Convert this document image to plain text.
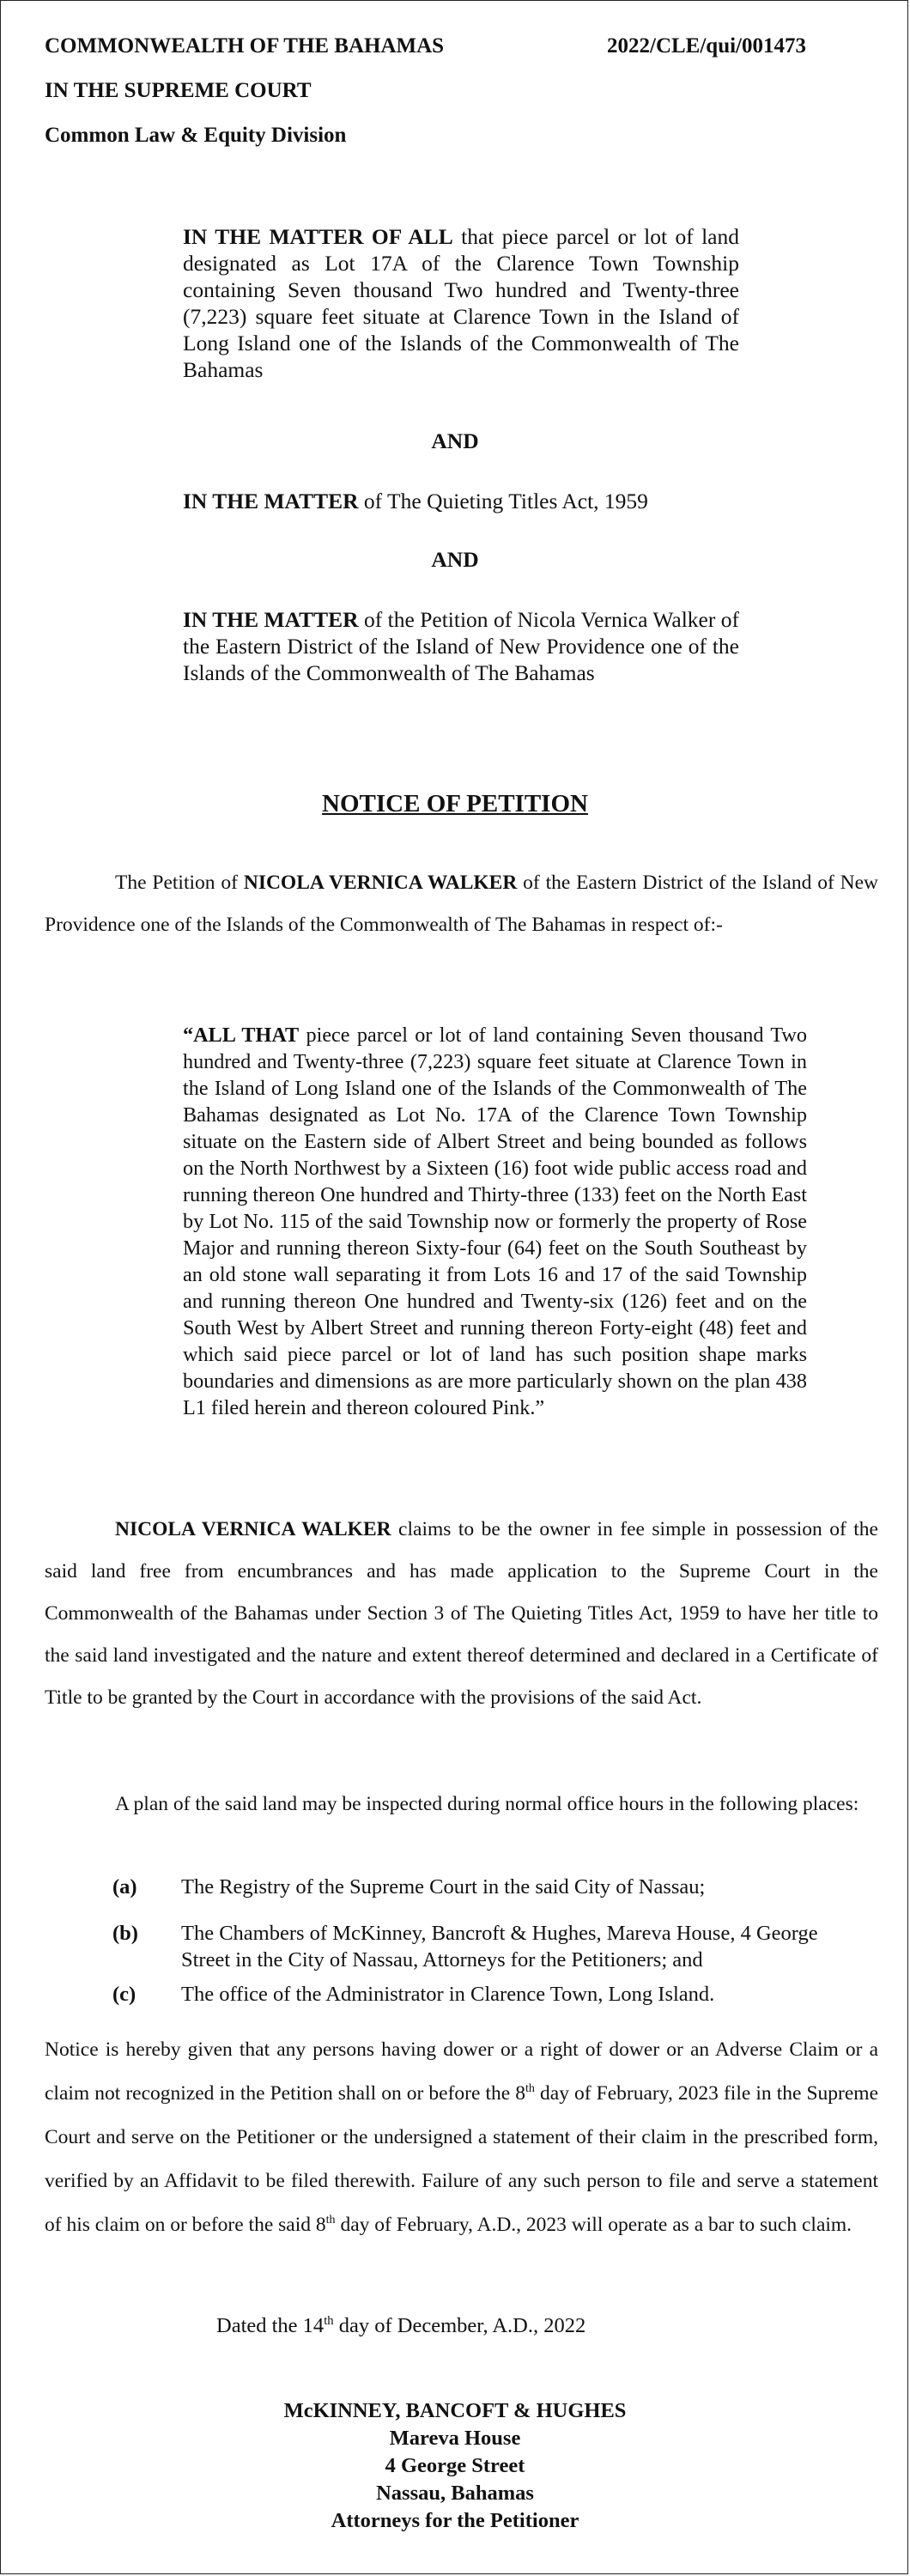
COMMONWEALTH OF THE BAHAMAS	2022/CLE/qui/001473
IN THE SUPREME COURT
Common Law & Equity Division
IN THE MATTER OF ALL that piece parcel or lot of land designated as Lot 17A of the Clarence Town Township containing Seven thousand Two hundred and Twenty-three (7,223) square feet situate at Clarence Town in the Island of Long Island one of the Islands of the Commonwealth of The Bahamas
AND
IN THE MATTER of The Quieting Titles Act, 1959
AND
IN THE MATTER of the Petition of Nicola Vernica Walker of the Eastern District of the Island of New Providence one of the Islands of the Commonwealth of The Bahamas
NOTICE OF PETITION
The Petition of NICOLA VERNICA WALKER of the Eastern District of the Island of New Providence one of the Islands of the Commonwealth of The Bahamas in respect of:-
“ALL THAT piece parcel or lot of land containing Seven thousand Two hundred and Twenty-three (7,223) square feet situate at Clarence Town in the Island of Long Island one of the Islands of the Commonwealth of The Bahamas designated as Lot No. 17A of the Clarence Town Township situate on the Eastern side of Albert Street and being bounded as follows on the North Northwest by a Sixteen (16) foot wide public access road and running thereon One hundred and Thirty-three (133) feet on the North East by Lot No. 115 of the said Township now or formerly the property of Rose Major and running thereon Sixty-four (64) feet on the South Southeast by an old stone wall separating it from Lots 16 and 17 of the said Township and running thereon One hundred and Twenty-six (126) feet and on the South West by Albert Street and running thereon Forty-eight (48) feet and which said piece parcel or lot of land has such position shape marks boundaries and dimensions as are more particularly shown on the plan 438 L1 filed herein and thereon coloured Pink.”
NICOLA VERNICA WALKER claims to be the owner in fee simple in possession of the said land free from encumbrances and has made application to the Supreme Court in the Commonwealth of the Bahamas under Section 3 of The Quieting Titles Act, 1959 to have her title to the said land investigated and the nature and extent thereof determined and declared in a Certificate of Title to be granted by the Court in accordance with the provisions of the said Act.
A plan of the said land may be inspected during normal office hours in the following places:
(a) The Registry of the Supreme Court in the said City of Nassau;
(b) The Chambers of McKinney, Bancroft & Hughes, Mareva House, 4 George Street in the City of Nassau, Attorneys for the Petitioners; and
(c) The office of the Administrator in Clarence Town, Long Island.
Notice is hereby given that any persons having dower or a right of dower or an Adverse Claim or a claim not recognized in the Petition shall on or before the 8th day of February, 2023 file in the Supreme Court and serve on the Petitioner or the undersigned a statement of their claim in the prescribed form, verified by an Affidavit to be filed therewith. Failure of any such person to file and serve a statement of his claim on or before the said 8th day of February, A.D., 2023 will operate as a bar to such claim.
Dated the 14th day of December, A.D., 2022
McKINNEY, BANCOFT & HUGHES
Mareva House
4 George Street
Nassau, Bahamas
Attorneys for the Petitioner
